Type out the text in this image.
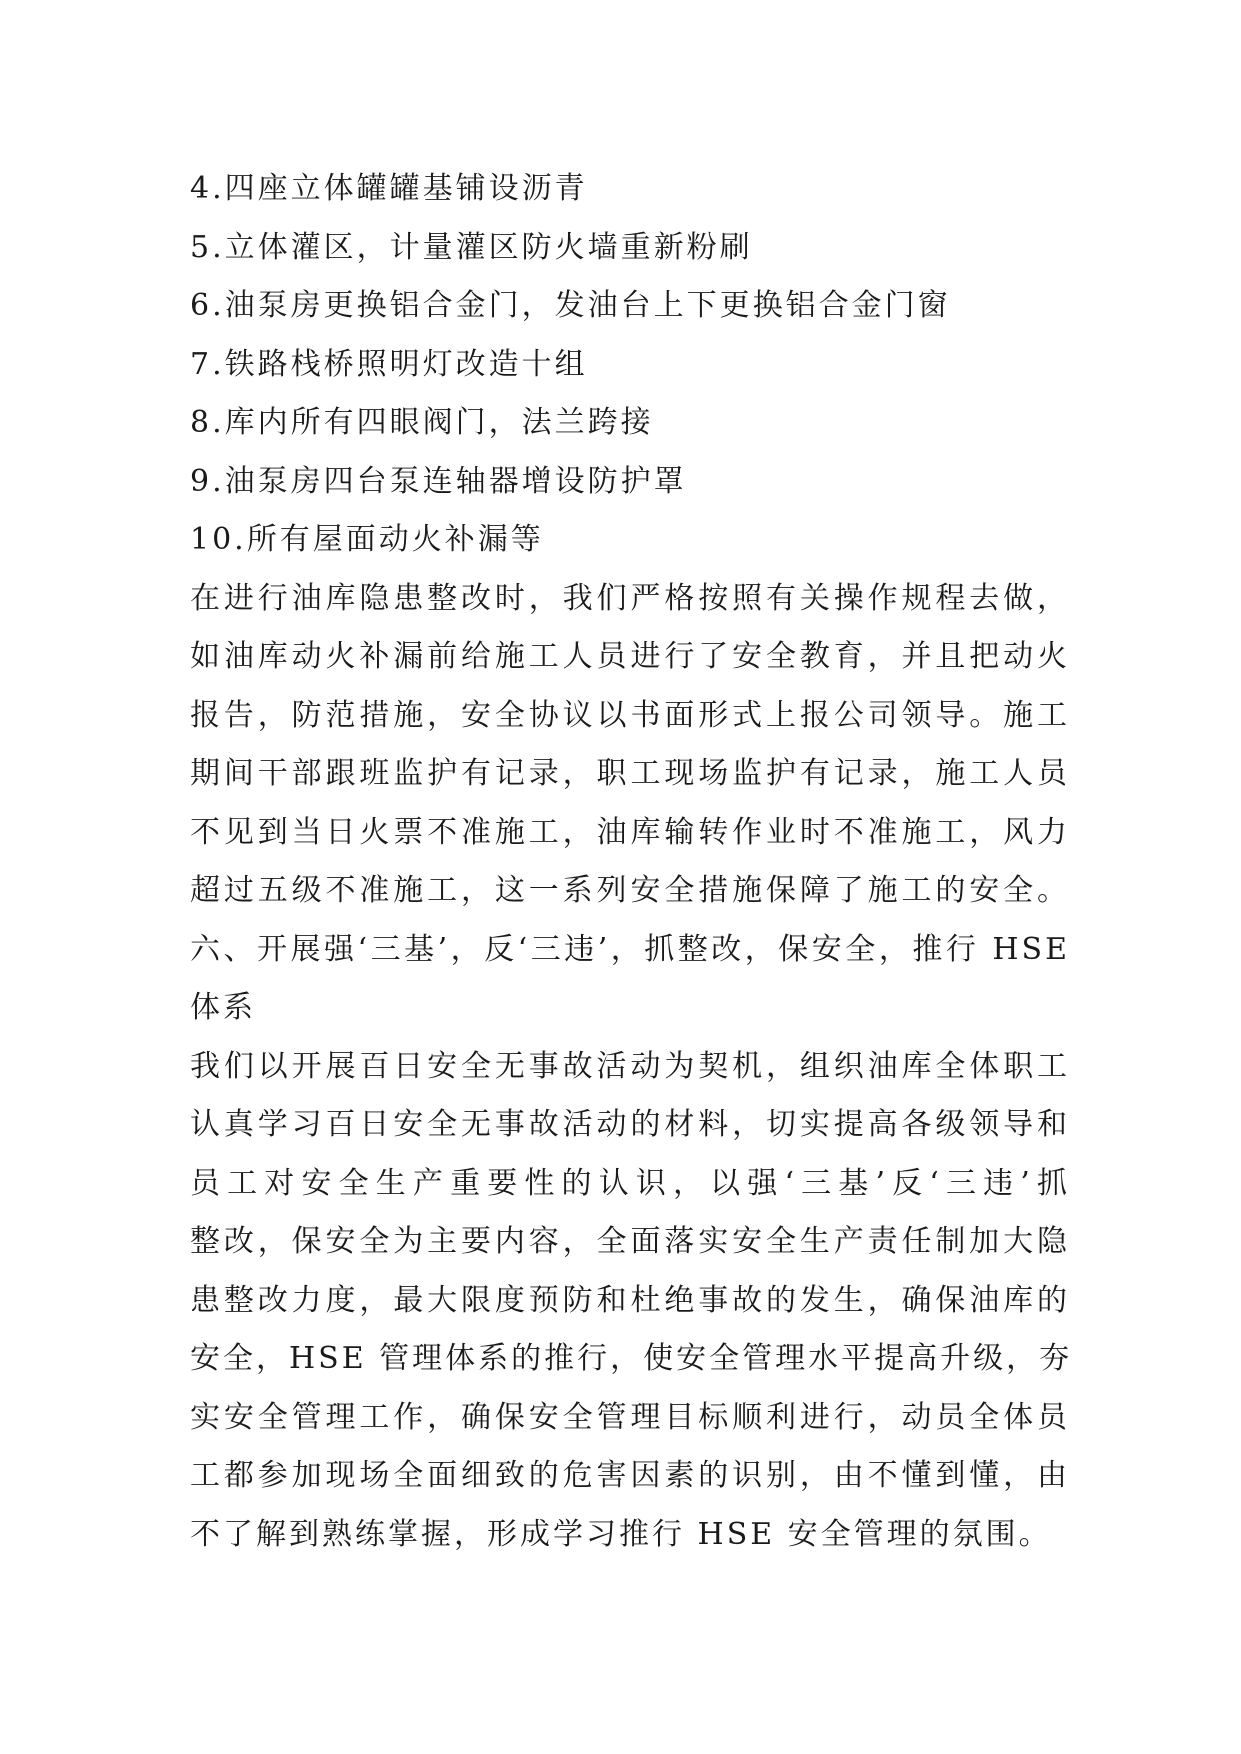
4.四座立体罐罐基铺设沥青
5.立体灌区，计量灌区防火墙重新粉刷
6.油泵房更换铝合金门，发油台上下更换铝合金门窗
7.铁路栈桥照明灯改造十组
8.库内所有四眼阀门，法兰跨接
9.油泵房四台泵连轴器增设防护罩
10.所有屋面动火补漏等
在进行油库隐患整改时，我们严格按照有关操作规程去做，
如油库动火补漏前给施工人员进行了安全教育，并且把动火
报告，防范措施，安全协议以书面形式上报公司领导。施工
期间干部跟班监护有记录，职工现场监护有记录，施工人员
不见到当日火票不准施工，油库输转作业时不准施工，风力
超过五级不准施工，这一系列安全措施保障了施工的安全。
六、开展强‘三基’，反‘三违’，抓整改，保安全，推行 HSE
体系
我们以开展百日安全无事故活动为契机，组织油库全体职工
认真学习百日安全无事故活动的材料，切实提高各级领导和
员工对安全生产重要性的认识，以强‘三基’反‘三违’抓
整改，保安全为主要内容，全面落实安全生产责任制加大隐
患整改力度，最大限度预防和杜绝事故的发生，确保油库的
安全，HSE 管理体系的推行，使安全管理水平提高升级，夯
实安全管理工作，确保安全管理目标顺利进行，动员全体员
工都参加现场全面细致的危害因素的识别，由不懂到懂，由
不了解到熟练掌握，形成学习推行 HSE 安全管理的氛围。
